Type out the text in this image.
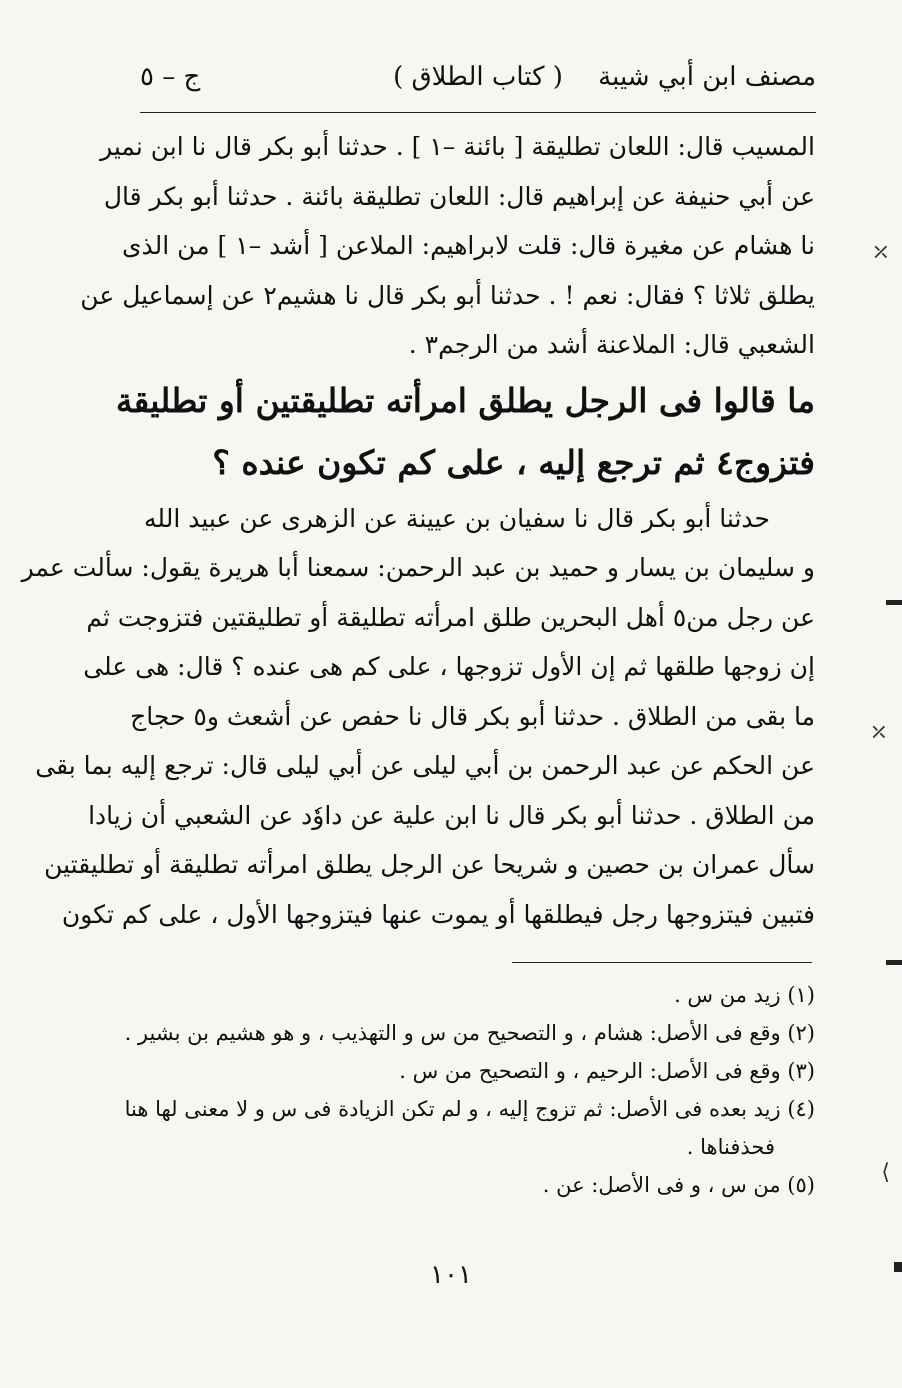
مصنف ابن أبي شيبة
( كتاب الطلاق )
ج – ٥
المسيب قال: اللعان تطليقة [ بائنة –١ ] . حدثنا أبو بكر قال نا ابن نمير
عن أبي حنيفة عن إبراهيم قال: اللعان تطليقة بائنة . حدثنا أبو بكر قال
نا هشام عن مغيرة قال: قلت لابراهيم: الملاعن [ أشد –١ ] من الذى
يطلق ثلاثا ؟ فقال: نعم ! . حدثنا أبو بكر قال نا هشيم٢ عن إسماعيل عن
الشعبي قال: الملاعنة أشد من الرجم٣ .
ما قالوا فى الرجل يطلق امرأته تطليقتين أو تطليقة
فتزوج٤ ثم ترجع إليه ، على كم تكون عنده ؟
حدثنا أبو بكر قال نا سفيان بن عيينة عن الزهرى عن عبيد الله
و سليمان بن يسار و حميد بن عبد الرحمن: سمعنا أبا هريرة يقول: سألت عمر
عن رجل من٥ أهل البحرين طلق امرأته تطليقة أو تطليقتين فتزوجت ثم
إن زوجها طلقها ثم إن الأول تزوجها ، على كم هى عنده ؟ قال: هى على
ما بقى من الطلاق . حدثنا أبو بكر قال نا حفص عن أشعث و٥ حجاج
عن الحكم عن عبد الرحمن بن أبي ليلى عن أبي ليلى قال: ترجع إليه بما بقى
من الطلاق . حدثنا أبو بكر قال نا ابن علية عن داوٗد عن الشعبي أن زيادا
سأل عمران بن حصين و شريحا عن الرجل يطلق امرأته تطليقة أو تطليقتين
فتبين فيتزوجها رجل فيطلقها أو يموت عنها فيتزوجها الأول ، على كم تكون
(١) زيد من س .
(٢) وقع فى الأصل: هشام ، و التصحيح من س و التهذيب ، و هو هشيم بن بشير .
(٣) وقع فى الأصل: الرحيم ، و التصحيح من س .
(٤) زيد بعده فى الأصل: ثم تزوج إليه ، و لم تكن الزيادة فى س و لا معنى لها هنا
فحذفناها .
(٥) من س ، و فى الأصل: عن .
١٠١
⤫
⤫
⟨
